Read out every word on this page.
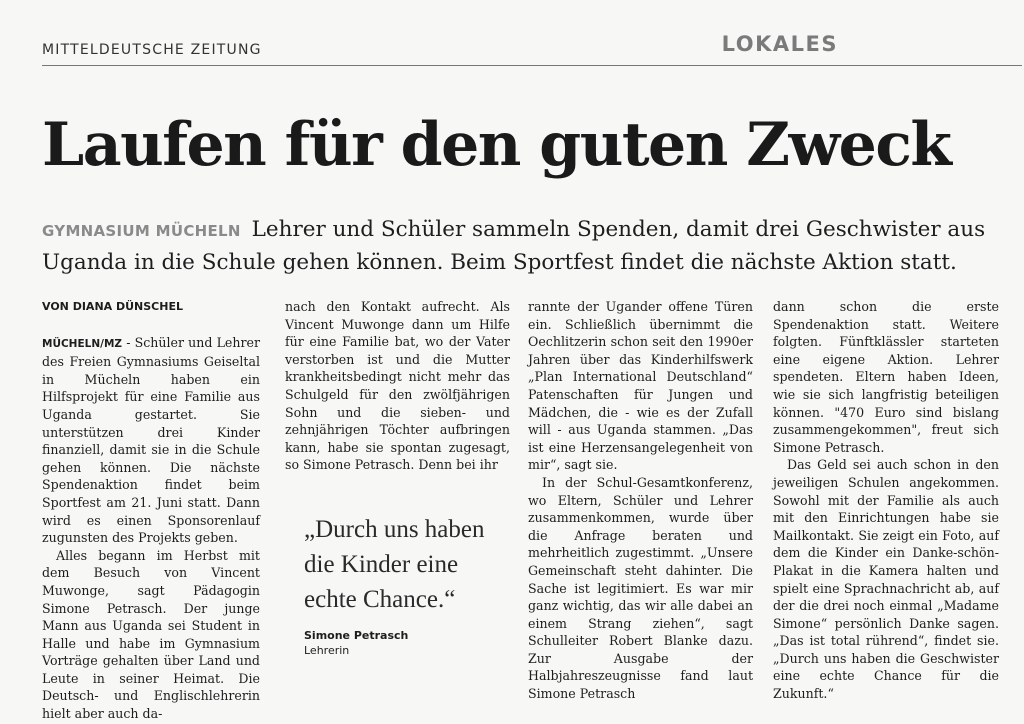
MITTELDEUTSCHE ZEITUNG	LOKALES
Laufen für den guten Zweck
GYMNASIUM MÜCHELN Lehrer und Schüler sammeln Spenden, damit drei Geschwister aus Uganda in die Schule gehen können. Beim Sportfest findet die nächste Aktion statt.
VON DIANA DÜNSCHEL

MÜCHELN/MZ - Schüler und Lehrer des Freien Gymnasiums Geiseltal in Mücheln haben ein Hilfsprojekt für eine Familie aus Uganda gestartet. Sie unterstützen drei Kinder finanziell, damit sie in die Schule gehen können. Die nächste Spendenaktion findet beim Sportfest am 21. Juni statt. Dann wird es einen Sponsorenlauf zugunsten des Projekts geben.

Alles begann im Herbst mit dem Besuch von Vincent Muwonge, sagt Pädagogin Simone Petrasch. Der junge Mann aus Uganda sei Student in Halle und habe im Gymnasium Vorträge gehalten über Land und Leute in seiner Heimat. Die Deutsch- und Englischlehrerin hielt aber auch da-

nach den Kontakt aufrecht. Als Vincent Muwonge dann um Hilfe für eine Familie bat, wo der Vater verstorben ist und die Mutter krankheitsbedingt nicht mehr das Schulgeld für den zwölfjährigen Sohn und die sieben- und zehnjährigen Töchter aufbringen kann, habe sie spontan zugesagt, so Simone Petrasch. Denn bei ihr

„Durch uns haben die Kinder eine echte Chance.“
Simone Petrasch
Lehrerin

rannte der Ugander offene Türen ein. Schließlich übernimmt die Oechlitzerin schon seit den 1990er Jahren über das Kinderhilfswerk „Plan International Deutschland“ Patenschaften für Jungen und Mädchen, die - wie es der Zufall will - aus Uganda stammen. „Das ist eine Herzensangelegenheit von mir“, sagt sie.

In der Schul-Gesamtkonferenz, wo Eltern, Schüler und Lehrer zusammenkommen, wurde über die Anfrage beraten und mehrheitlich zugestimmt. „Unsere Gemeinschaft steht dahinter. Die Sache ist legitimiert. Es war mir ganz wichtig, das wir alle dabei an einem Strang ziehen“, sagt Schulleiter Robert Blanke dazu. Zur Ausgabe der Halbjahreszeugnisse fand laut Simone Petrasch

dann schon die erste Spendenaktion statt. Weitere folgten. Fünftklässler starteten eine eigene Aktion. Lehrer spendeten. Eltern haben Ideen, wie sie sich langfristig beteiligen können. "470 Euro sind bislang zusammengekommen", freut sich Simone Petrasch.

Das Geld sei auch schon in den jeweiligen Schulen angekommen. Sowohl mit der Familie als auch mit den Einrichtungen habe sie Mailkontakt. Sie zeigt ein Foto, auf dem die Kinder ein Danke-schön-Plakat in die Kamera halten und spielt eine Sprachnachricht ab, auf der die drei noch einmal „Madame Simone“ persönlich Danke sagen. „Das ist total rührend“, findet sie. „Durch uns haben die Geschwister eine echte Chance für die Zukunft.“
